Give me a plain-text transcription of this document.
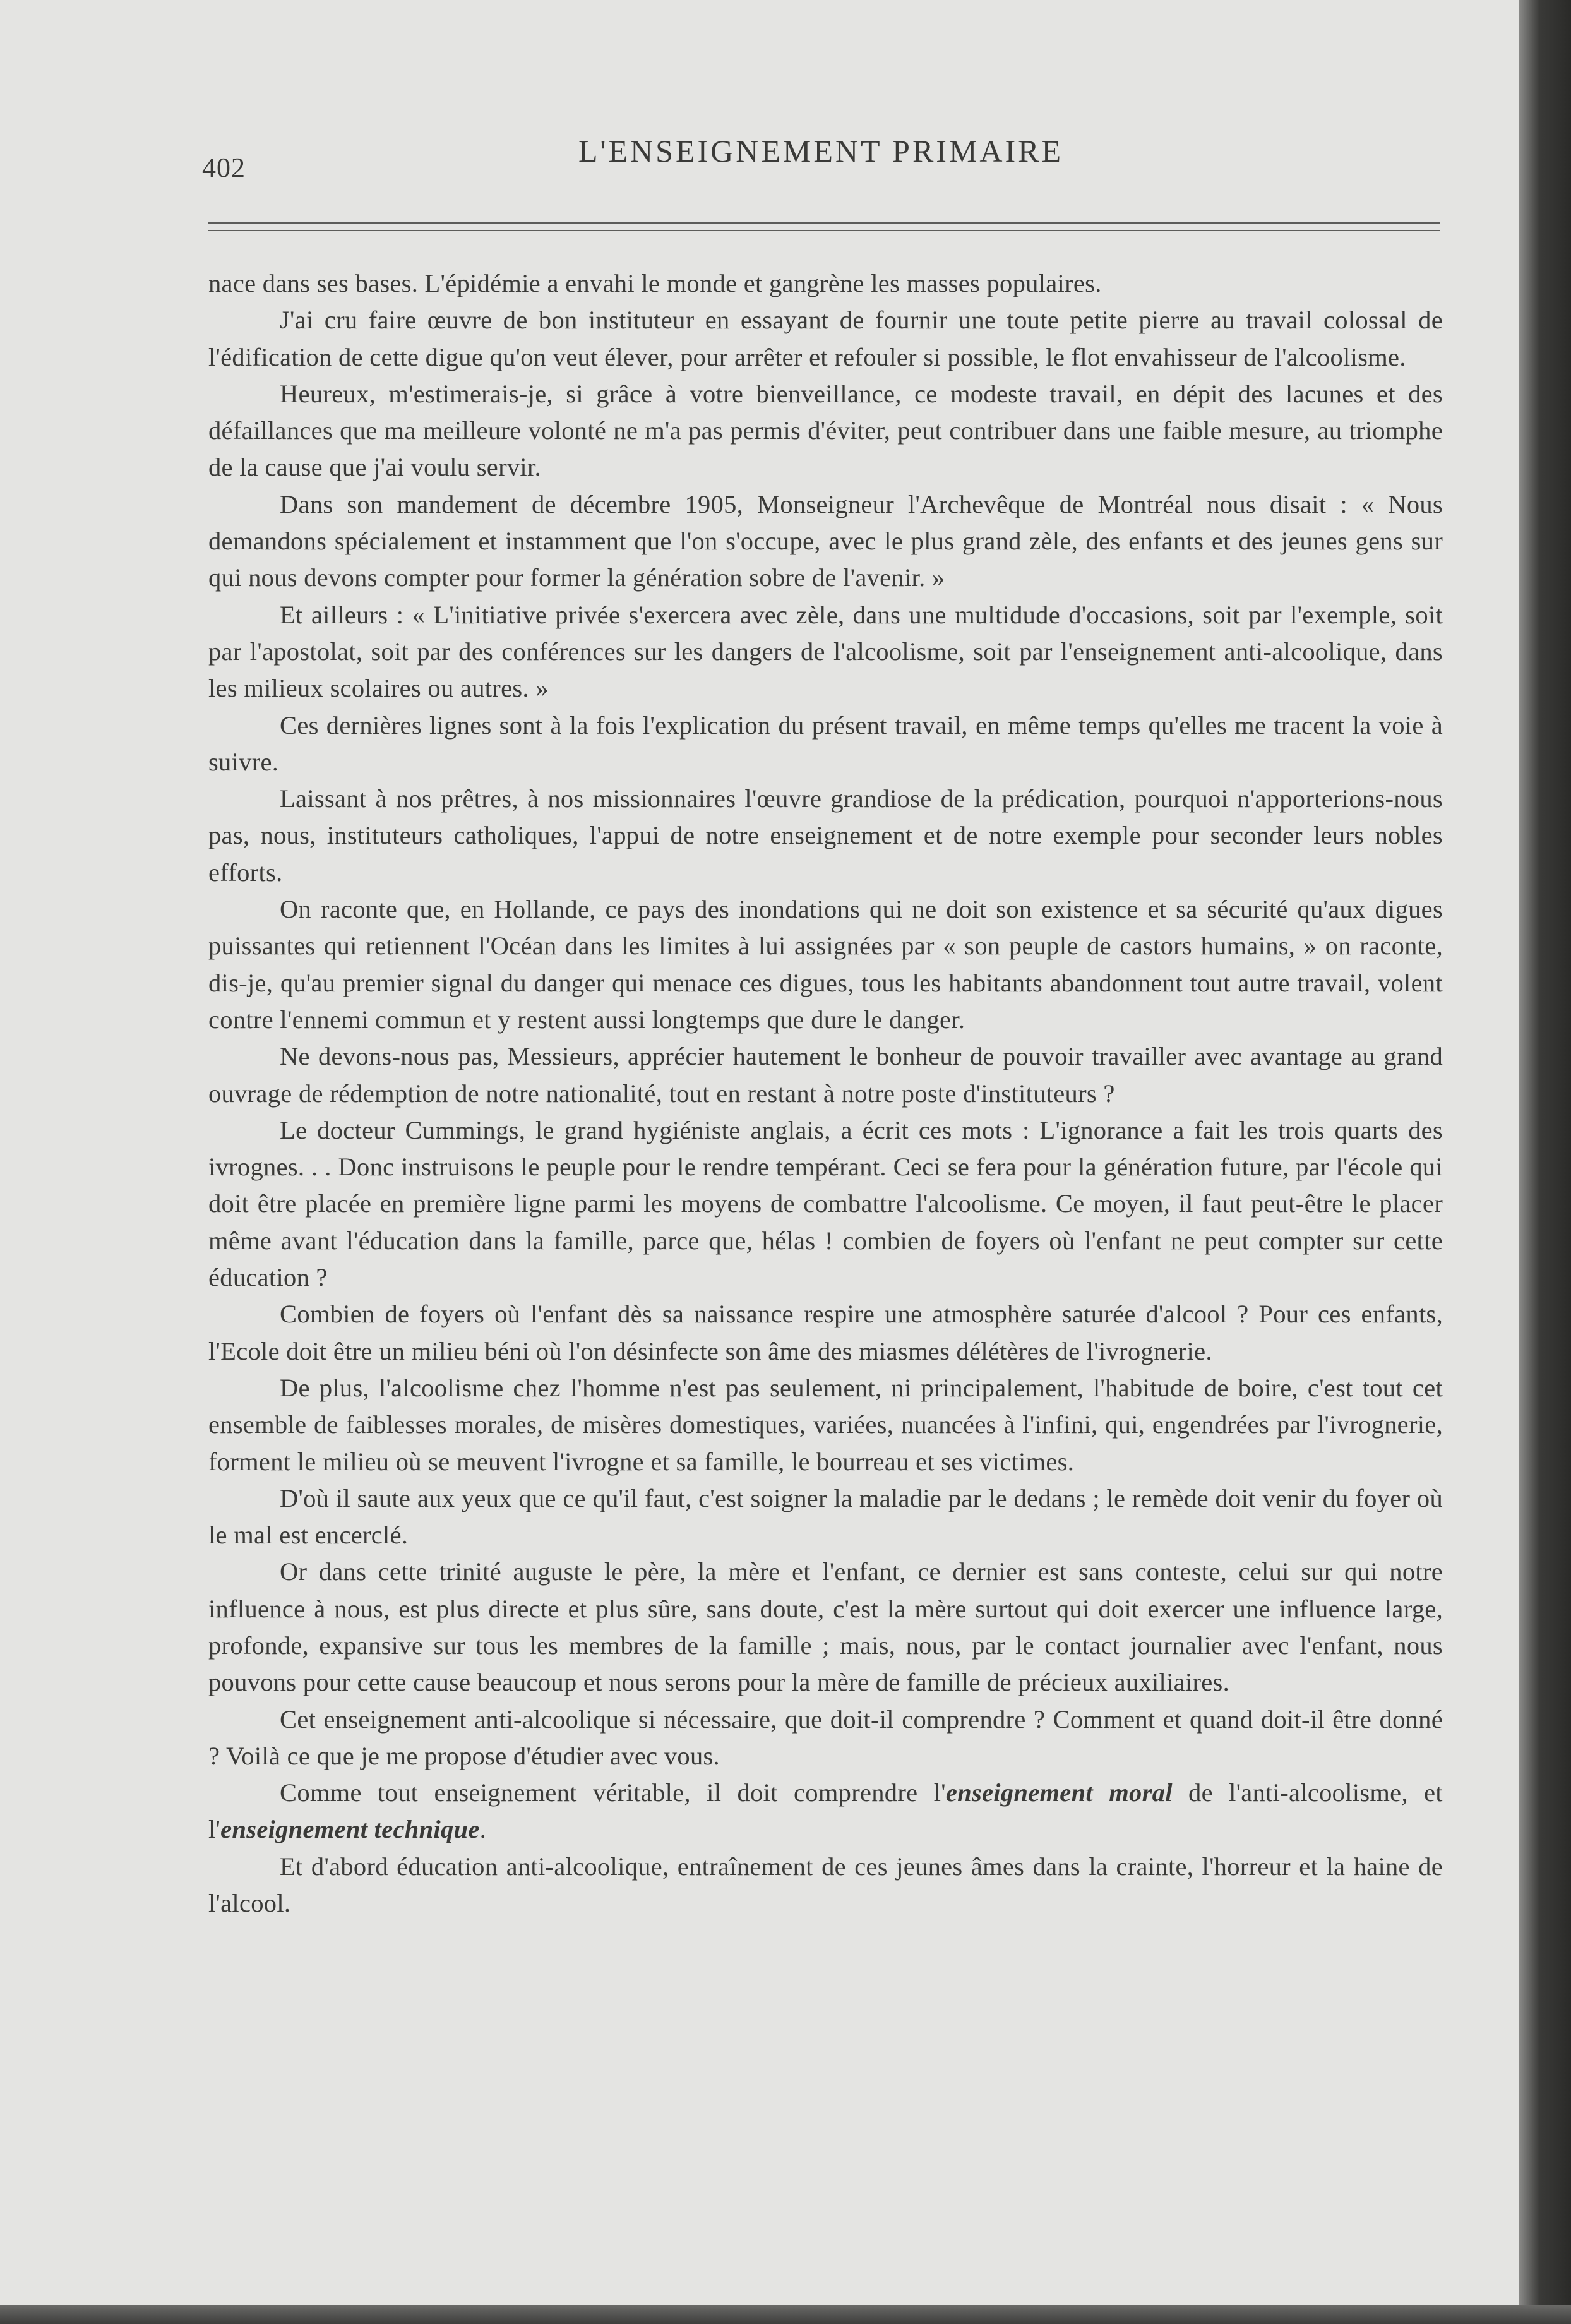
402	L'ENSEIGNEMENT PRIMAIRE

nace dans ses bases. L'épidémie a envahi le monde et gangrène les masses populaires.

J'ai cru faire œuvre de bon instituteur en essayant de fournir une toute petite pierre au travail colossal de l'édification de cette digue qu'on veut élever, pour arrêter et refouler si possible, le flot envahisseur de l'alcoolisme.

Heureux, m'estimerais-je, si grâce à votre bienveillance, ce modeste travail, en dépit des lacunes et des défaillances que ma meilleure volonté ne m'a pas permis d'éviter, peut contribuer dans une faible mesure, au triomphe de la cause que j'ai voulu servir.

Dans son mandement de décembre 1905, Monseigneur l'Archevêque de Montréal nous disait : « Nous demandons spécialement et instamment que l'on s'occupe, avec le plus grand zèle, des enfants et des jeunes gens sur qui nous devons compter pour former la génération sobre de l'avenir. »

Et ailleurs : « L'initiative privée s'exercera avec zèle, dans une multidude d'occasions, soit par l'exemple, soit par l'apostolat, soit par des conférences sur les dangers de l'alcoolisme, soit par l'enseignement anti-alcoolique, dans les milieux scolaires ou autres. »

Ces dernières lignes sont à la fois l'explication du présent travail, en même temps qu'elles me tracent la voie à suivre.

Laissant à nos prêtres, à nos missionnaires l'œuvre grandiose de la prédication, pourquoi n'apporterions-nous pas, nous, instituteurs catholiques, l'appui de notre enseignement et de notre exemple pour seconder leurs nobles efforts.

On raconte que, en Hollande, ce pays des inondations qui ne doit son existence et sa sécurité qu'aux digues puissantes qui retiennent l'Océan dans les limites à lui assignées par « son peuple de castors humains, » on raconte, dis-je, qu'au premier signal du danger qui menace ces digues, tous les habitants abandonnent tout autre travail, volent contre l'ennemi commun et y restent aussi longtemps que dure le danger.

Ne devons-nous pas, Messieurs, apprécier hautement le bonheur de pouvoir travailler avec avantage au grand ouvrage de rédemption de notre nationalité, tout en restant à notre poste d'instituteurs ?

Le docteur Cummings, le grand hygiéniste anglais, a écrit ces mots : L'ignorance a fait les trois quarts des ivrognes. . . Donc instruisons le peuple pour le rendre tempérant. Ceci se fera pour la génération future, par l'école qui doit être placée en première ligne parmi les moyens de combattre l'alcoolisme. Ce moyen, il faut peut-être le placer même avant l'éducation dans la famille, parce que, hélas ! combien de foyers où l'enfant ne peut compter sur cette éducation ?

Combien de foyers où l'enfant dès sa naissance respire une atmosphère saturée d'alcool ? Pour ces enfants, l'Ecole doit être un milieu béni où l'on désinfecte son âme des miasmes délétères de l'ivrognerie.

De plus, l'alcoolisme chez l'homme n'est pas seulement, ni principalement, l'habitude de boire, c'est tout cet ensemble de faiblesses morales, de misères domestiques, variées, nuancées à l'infini, qui, engendrées par l'ivrognerie, forment le milieu où se meuvent l'ivrogne et sa famille, le bourreau et ses victimes.

D'où il saute aux yeux que ce qu'il faut, c'est soigner la maladie par le dedans ; le remède doit venir du foyer où le mal est encerclé.

Or dans cette trinité auguste le père, la mère et l'enfant, ce dernier est sans conteste, celui sur qui notre influence à nous, est plus directe et plus sûre, sans doute, c'est la mère surtout qui doit exercer une influence large, profonde, expansive sur tous les membres de la famille ; mais, nous, par le contact journalier avec l'enfant, nous pouvons pour cette cause beaucoup et nous serons pour la mère de famille de précieux auxiliaires.

Cet enseignement anti-alcoolique si nécessaire, que doit-il comprendre ? Comment et quand doit-il être donné ? Voilà ce que je me propose d'étudier avec vous.

Comme tout enseignement véritable, il doit comprendre l'enseignement moral de l'anti-alcoolisme, et l'enseignement technique.

Et d'abord éducation anti-alcoolique, entraînement de ces jeunes âmes dans la crainte, l'horreur et la haine de l'alcool.
